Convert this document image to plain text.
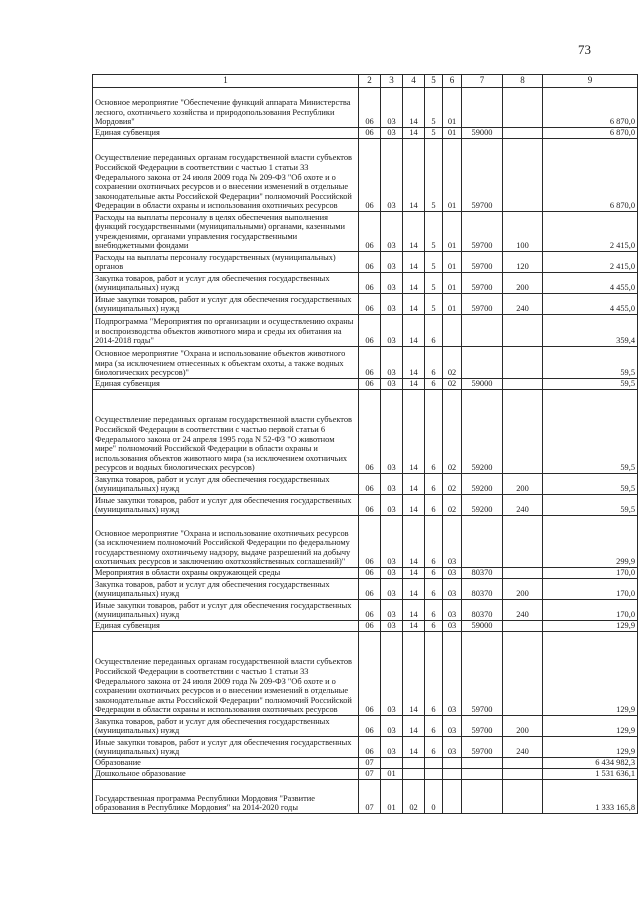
73
1	2	3	4	5	6	7	8	9
Основное мероприятие "Обеспечение функций аппарата Министерства лесного, охотничьего хозяйства и природопользования Республики Мордовия"	06	03	14	5	01			6 870,0
Единая субвенция	06	03	14	5	01	59000		6 870,0
Осуществление переданных органам государственной власти субъектов Российской Федерации в соответствии с частью 1 статьи 33 Федерального закона от 24 июля 2009 года № 209-ФЗ "Об охоте и о сохранении охотничьих ресурсов и о внесении изменений в отдельные законодательные акты Российской Федерации" полномочий Российской Федерации в области охраны и использования охотничьих ресурсов	06	03	14	5	01	59700		6 870,0
Расходы на выплаты персоналу в целях обеспечения выполнения функций государственными (муниципальными) органами, казенными учреждениями, органами управления государственными внебюджетными фондами	06	03	14	5	01	59700	100	2 415,0
Расходы на выплаты персоналу государственных (муниципальных) органов	06	03	14	5	01	59700	120	2 415,0
Закупка товаров, работ и услуг для обеспечения государственных (муниципальных) нужд	06	03	14	5	01	59700	200	4 455,0
Иные закупки товаров, работ и услуг для обеспечения государственных (муниципальных) нужд	06	03	14	5	01	59700	240	4 455,0
Подпрограмма "Мероприятия по организации и осуществлению охраны и воспроизводства объектов животного мира и среды их обитания на 2014-2018 годы"	06	03	14	6				359,4
Основное мероприятие "Охрана и использование объектов животного мира (за исключением отнесенных к объектам охоты, а также водных биологических ресурсов)"	06	03	14	6	02			59,5
Единая субвенция	06	03	14	6	02	59000		59,5
Осуществление переданных органам государственной власти субъектов Российской Федерации в соответствии с частью первой статьи 6 Федерального закона от 24 апреля 1995 года N 52-ФЗ "О животном мире" полномочий Российской Федерации в области охраны и использования объектов животного мира (за исключением охотничьих ресурсов и водных биологических ресурсов)	06	03	14	6	02	59200		59,5
Закупка товаров, работ и услуг для обеспечения государственных (муниципальных) нужд	06	03	14	6	02	59200	200	59,5
Иные закупки товаров, работ и услуг для обеспечения государственных (муниципальных) нужд	06	03	14	6	02	59200	240	59,5
Основное мероприятие "Охрана и использование охотничьих ресурсов (за исключением полномочий Российской Федерации по федеральному государственному охотничьему надзору, выдаче разрешений на добычу охотничьих ресурсов и заключению охотхозяйственных соглашений)"	06	03	14	6	03			299,9
Мероприятия в области охраны окружающей среды	06	03	14	6	03	80370		170,0
Закупка товаров, работ и услуг для обеспечения государственных (муниципальных) нужд	06	03	14	6	03	80370	200	170,0
Иные закупки товаров, работ и услуг для обеспечения государственных (муниципальных) нужд	06	03	14	6	03	80370	240	170,0
Единая субвенция	06	03	14	6	03	59000		129,9
Осуществление переданных органам государственной власти субъектов Российской Федерации в соответствии с частью 1 статьи 33 Федерального закона от 24 июля 2009 года № 209-ФЗ "Об охоте и о сохранении охотничьих ресурсов и о внесении изменений в отдельные законодательные акты Российской Федерации" полномочий Российской Федерации в области охраны и использования охотничьих ресурсов	06	03	14	6	03	59700		129,9
Закупка товаров, работ и услуг для обеспечения государственных (муниципальных) нужд	06	03	14	6	03	59700	200	129,9
Иные закупки товаров, работ и услуг для обеспечения государственных (муниципальных) нужд	06	03	14	6	03	59700	240	129,9
Образование	07							6 434 982,3
Дошкольное образование	07	01						1 531 636,1
Государственная программа Республики Мордовия "Развитие образования в Республике Мордовия" на 2014-2020 годы	07	01	02	0				1 333 165,8
